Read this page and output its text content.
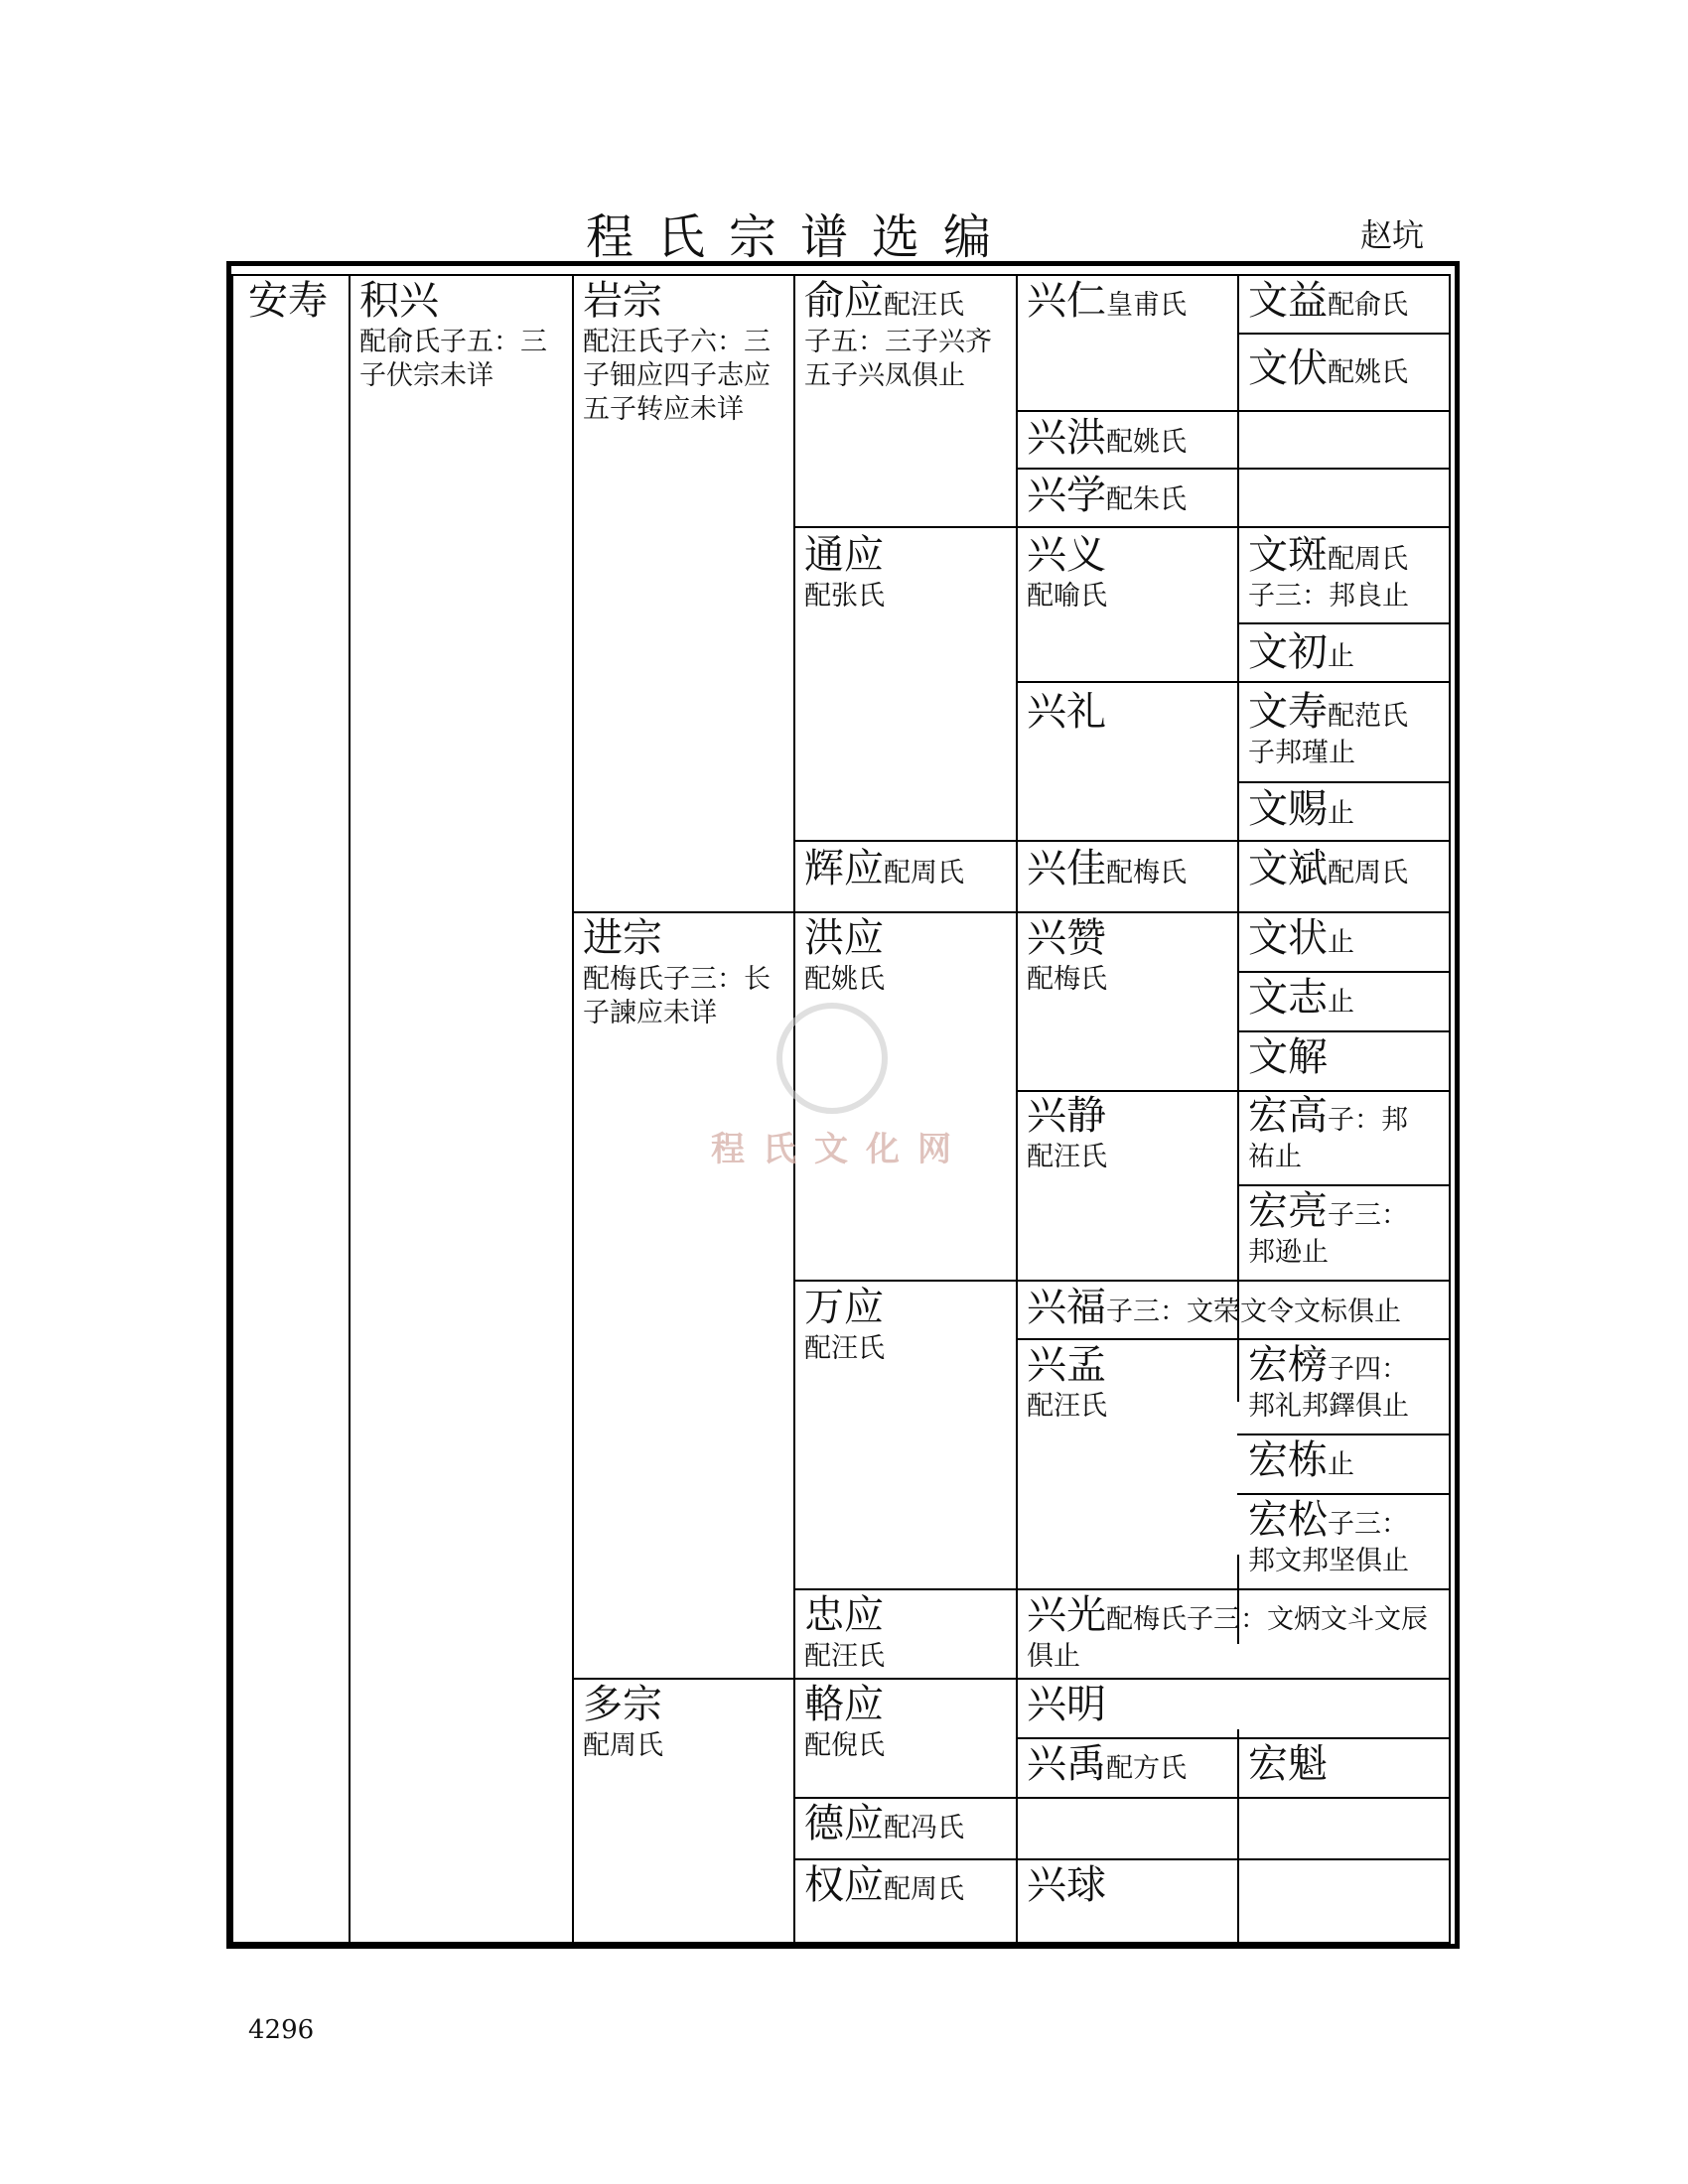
程氏宗谱选编	赵坑
程氏文化网
安寿 积兴
配俞氏子五：三子伏宗未详
岩宗
配汪氏子六：三子钿应四子志应五子转应未详
进宗
配梅氏子三：长子諫应未详
多宗
配周氏
俞应配汪氏
子五：三子兴齐五子兴凤俱止
通应
配张氏
辉应配周氏
洪应
配姚氏
万应
配汪氏
忠应
配汪氏
輅应
配倪氏
德应配冯氏
权应配周氏
兴仁皇甫氏
兴洪配姚氏
兴学配朱氏
兴义
配喻氏
兴礼
兴佳配梅氏
兴赞
配梅氏
兴静
配汪氏
兴福子三：文荣文令文标俱止
兴孟
配汪氏
兴光配梅氏子三：文炳文斗文辰俱止
兴明
兴禹配方氏
兴球
文益配俞氏
文伏配姚氏
文斑配周氏子三：邦良止
文初止
文寿配范氏子邦瑾止
文赐止
文斌配周氏
文状止
文志止
文解
宏高子：邦祐止
宏亮子三：邦逊止
宏榜子四：邦礼邦鐸俱止
宏栋止
宏松子三：邦文邦坚俱止
宏魁
4296
